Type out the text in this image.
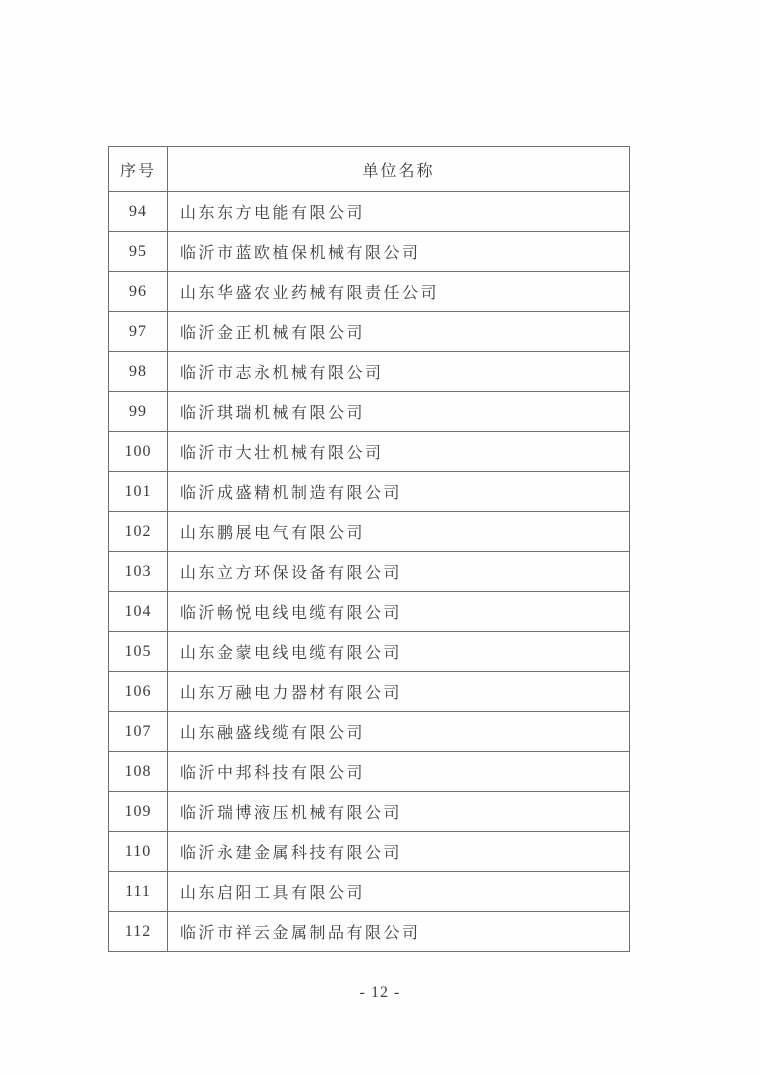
序号	单位名称
94	山东东方电能有限公司
95	临沂市蓝欧植保机械有限公司
96	山东华盛农业药械有限责任公司
97	临沂金正机械有限公司
98	临沂市志永机械有限公司
99	临沂琪瑞机械有限公司
100	临沂市大壮机械有限公司
101	临沂成盛精机制造有限公司
102	山东鹏展电气有限公司
103	山东立方环保设备有限公司
104	临沂畅悦电线电缆有限公司
105	山东金蒙电线电缆有限公司
106	山东万融电力器材有限公司
107	山东融盛线缆有限公司
108	临沂中邦科技有限公司
109	临沂瑞博液压机械有限公司
110	临沂永建金属科技有限公司
111	山东启阳工具有限公司
112	临沂市祥云金属制品有限公司
- 12 -
